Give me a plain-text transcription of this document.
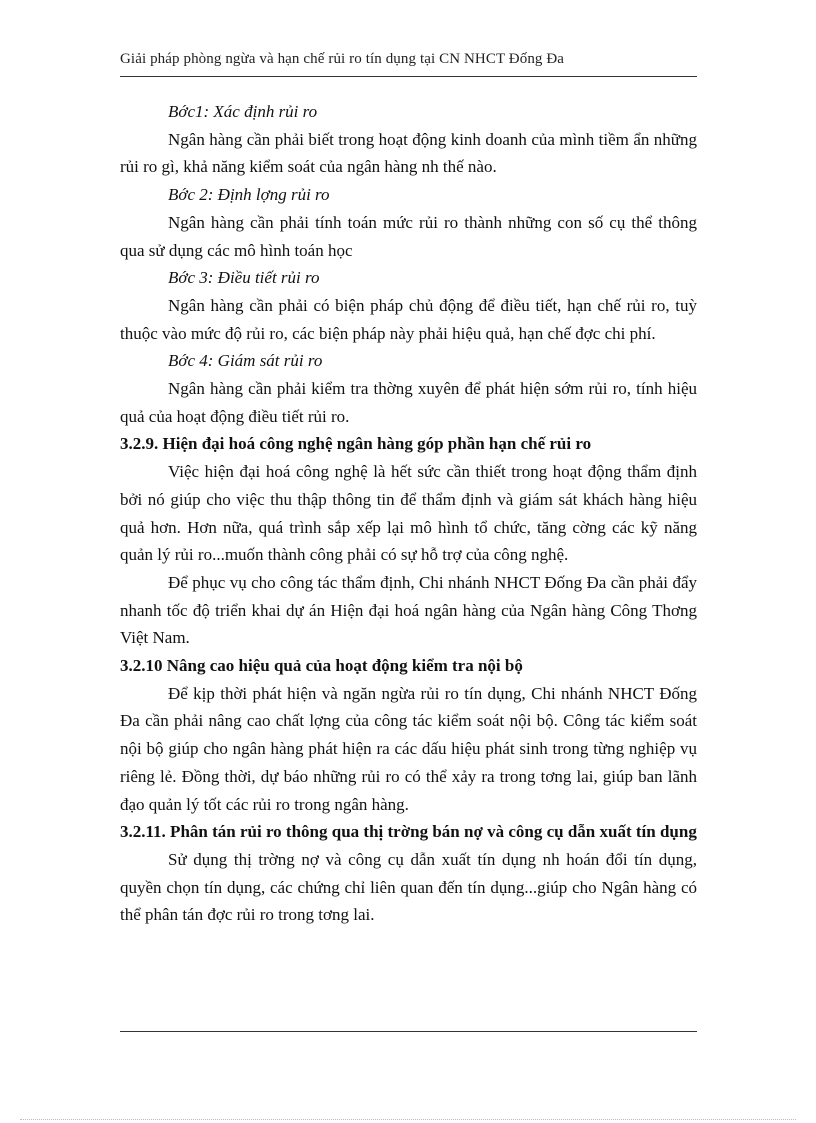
Giải pháp phòng ngừa và hạn chế rủi ro tín dụng tại CN NHCT Đống Đa

Bớc1: Xác định rủi ro

Ngân hàng cần phải biết trong hoạt động kinh doanh của mình tiềm ẩn những rủi ro gì, khả năng kiểm soát của ngân hàng nh thế nào.

Bớc 2: Định lợng rủi ro

Ngân hàng cần phải tính toán mức rủi ro thành những con số cụ thể thông qua sử dụng các mô hình toán học

Bớc 3: Điều tiết rủi ro

Ngân hàng cần phải có biện pháp chủ động để điều tiết, hạn chế rủi ro, tuỳ thuộc vào mức độ rủi ro, các biện pháp này phải hiệu quả, hạn chế đợc chi phí.

Bớc 4: Giám sát rủi ro

Ngân hàng cần phải kiểm tra thờng xuyên để phát hiện sớm rủi ro, tính hiệu quả của hoạt động điều tiết rủi ro.

3.2.9. Hiện đại hoá công nghệ ngân hàng góp phần hạn chế rủi ro

Việc hiện đại hoá công nghệ là hết sức cần thiết trong hoạt động thẩm định bởi nó giúp cho việc thu thập thông tin để thẩm định và giám sát khách hàng hiệu quả hơn. Hơn nữa, quá trình sắp xếp lại mô hình tổ chức, tăng cờng các kỹ năng quản lý rủi ro...muốn thành công phải có sự hỗ trợ của công nghệ.

Để phục vụ cho công tác thẩm định, Chi nhánh NHCT Đống Đa cần phải đẩy nhanh tốc độ triển khai dự án Hiện đại hoá ngân hàng của Ngân hàng Công Thơng Việt Nam.

3.2.10 Nâng cao hiệu quả của hoạt động kiểm tra nội bộ

Để kịp thời phát hiện và ngăn ngừa rủi ro tín dụng, Chi nhánh NHCT Đống Đa cần phải nâng cao chất lợng của công tác kiểm soát nội bộ. Công tác kiểm soát nội bộ giúp cho ngân hàng phát hiện ra các dấu hiệu phát sinh trong từng nghiệp vụ riêng lẻ. Đồng thời, dự báo những rủi ro có thể xảy ra trong tơng lai, giúp ban lãnh đạo quản lý tốt các rủi ro trong ngân hàng.

3.2.11. Phân tán rủi ro thông qua thị trờng bán nợ và công cụ dẫn xuất tín dụng

Sử dụng thị trờng nợ và công cụ dẫn xuất tín dụng nh hoán đổi tín dụng, quyền chọn tín dụng, các chứng chỉ liên quan đến tín dụng...giúp cho Ngân hàng có thể phân tán đợc rủi ro trong tơng lai.
